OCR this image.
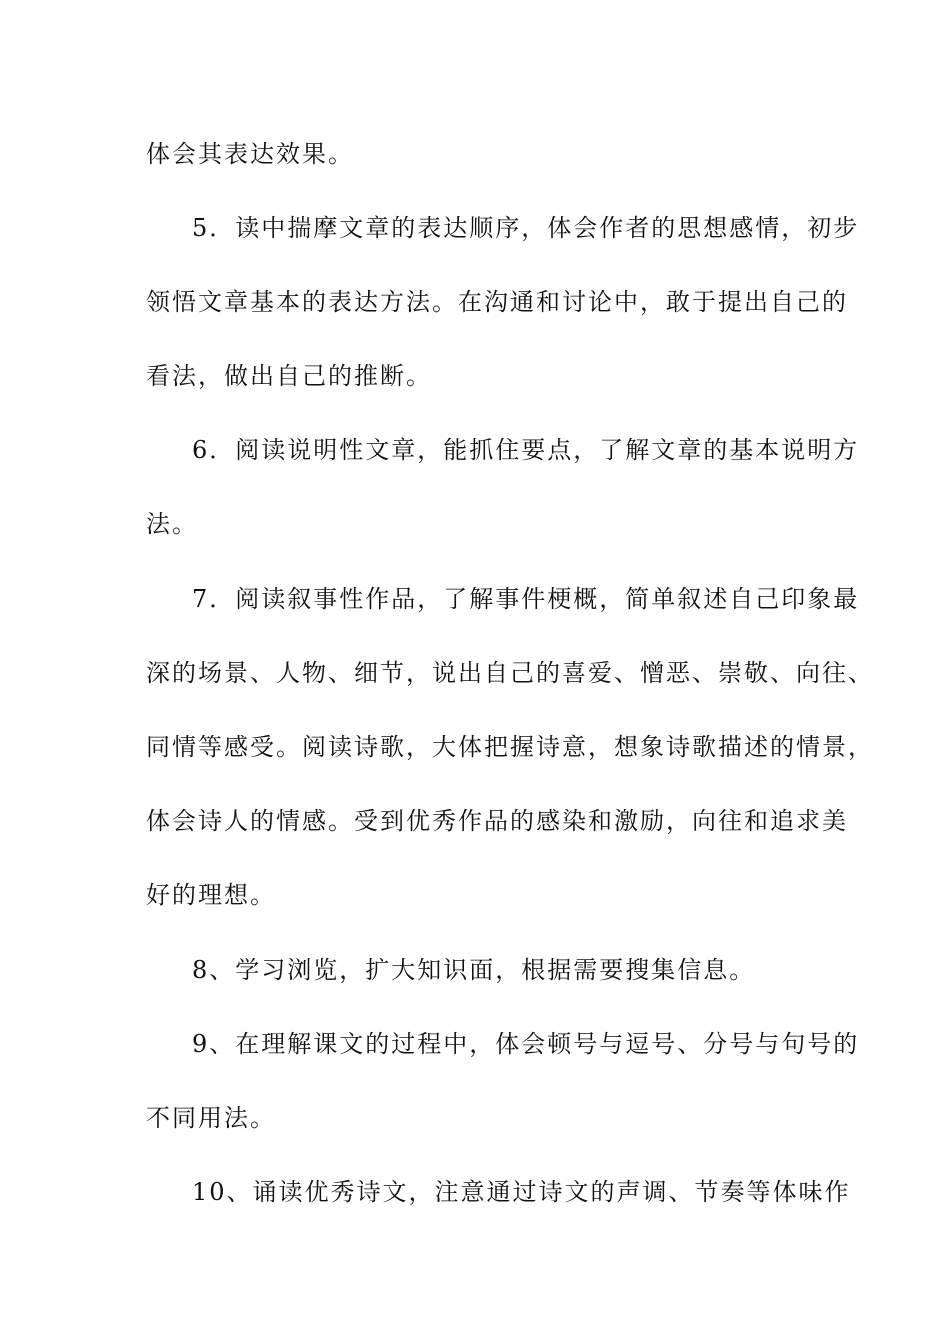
体会其表达效果。
5．读中揣摩文章的表达顺序，体会作者的思想感情，初步
领悟文章基本的表达方法。在沟通和讨论中，敢于提出自己的
看法，做出自己的推断。
6．阅读说明性文章，能抓住要点，了解文章的基本说明方
法。
7．阅读叙事性作品，了解事件梗概，简单叙述自己印象最
深的场景、人物、细节，说出自己的喜爱、憎恶、崇敬、向往、
同情等感受。阅读诗歌，大体把握诗意，想象诗歌描述的情景，
体会诗人的情感。受到优秀作品的感染和激励，向往和追求美
好的理想。
8、学习浏览，扩大知识面，根据需要搜集信息。
9、在理解课文的过程中，体会顿号与逗号、分号与句号的
不同用法。
10、诵读优秀诗文，注意通过诗文的声调、节奏等体味作
